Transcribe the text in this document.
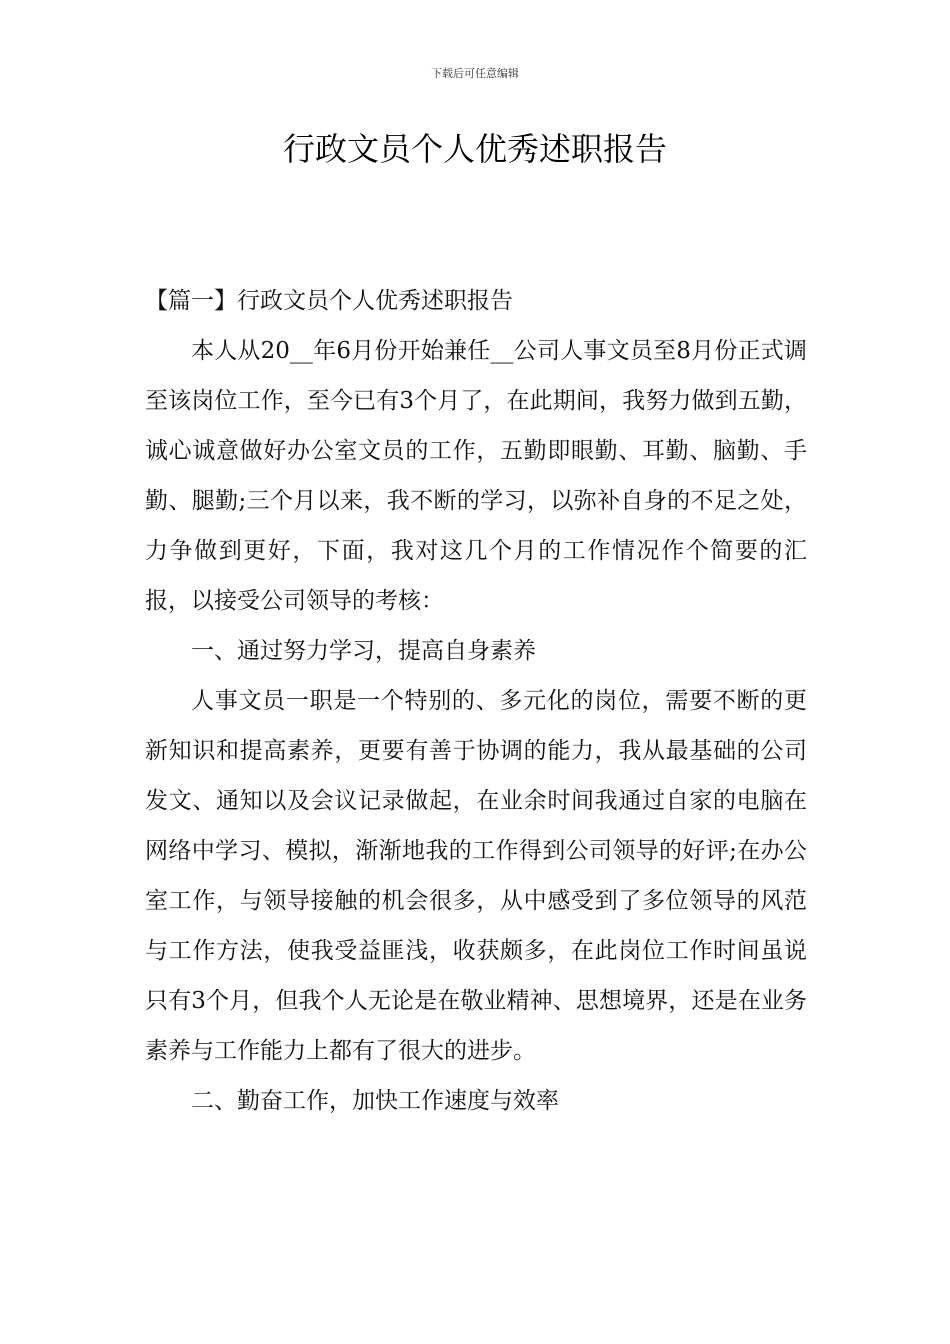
下载后可任意编辑
行政文员个人优秀述职报告

【篇一】行政文员个人优秀述职报告

本人从20__年6月份开始兼任__公司人事文员至8月份正式调至该岗位工作，至今已有3个月了，在此期间，我努力做到五勤，诚心诚意做好办公室文员的工作，五勤即眼勤、耳勤、脑勤、手勤、腿勤;三个月以来，我不断的学习，以弥补自身的不足之处，力争做到更好，下面，我对这几个月的工作情况作个简要的汇报，以接受公司领导的考核：

一、通过努力学习，提高自身素养

人事文员一职是一个特别的、多元化的岗位，需要不断的更新知识和提高素养，更要有善于协调的能力，我从最基础的公司发文、通知以及会议记录做起，在业余时间我通过自家的电脑在网络中学习、模拟，渐渐地我的工作得到公司领导的好评;在办公室工作，与领导接触的机会很多，从中感受到了多位领导的风范与工作方法，使我受益匪浅，收获颇多，在此岗位工作时间虽说只有3个月，但我个人无论是在敬业精神、思想境界，还是在业务素养与工作能力上都有了很大的进步。

二、勤奋工作，加快工作速度与效率
